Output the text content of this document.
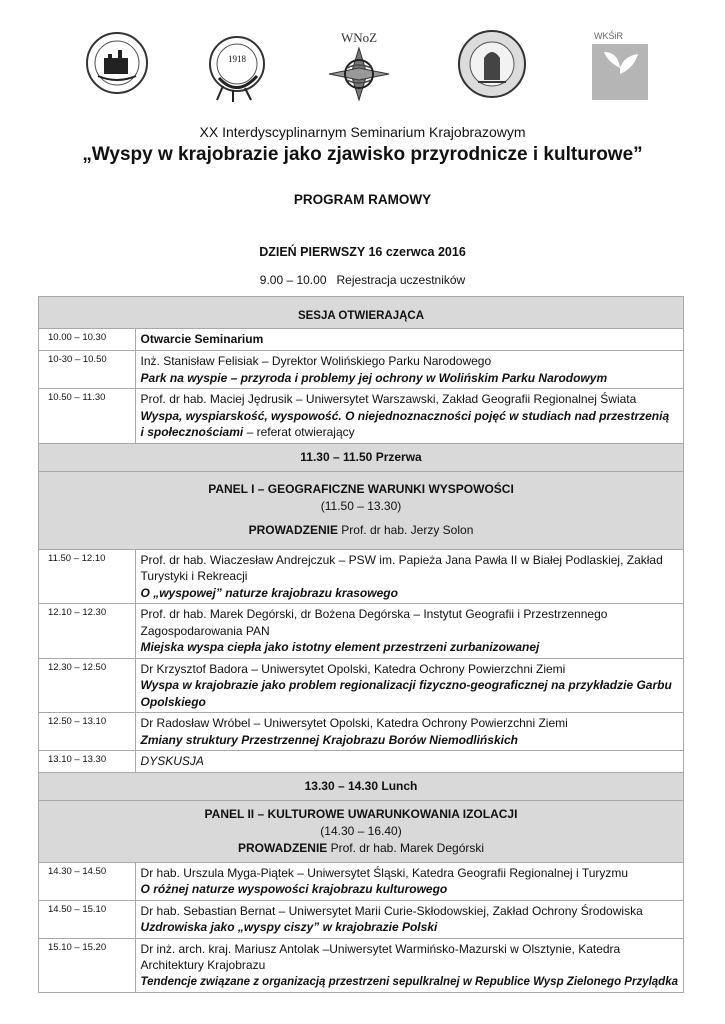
1918
WNoZ	WKŚiR
XX Interdyscyplinarnym Seminarium Krajobrazowym
„Wyspy w krajobrazie jako zjawisko przyrodnicze i kulturowe”
PROGRAM RAMOWY
DZIEŃ PIERWSZY 16 czerwca 2016
9.00 – 10.00 Rejestracja uczestników
SESJA OTWIERAJĄCA	
10.00 – 10.30	Otwarcie Seminarium
10-30 – 10.50	Inż. Stanisław Felisiak – Dyrektor Wolińskiego Parku Narodowego
Park na wyspie – przyroda i problemy jej ochrony w Wolińskim Parku Narodowym

10.50 – 11.30	Prof. dr hab. Maciej Jędrusik – Uniwersytet Warszawski, Zakład Geografii Regionalnej Świata
Wyspa, wyspiarskość, wyspowość. O niejednoznaczności pojęć w studiach nad przestrzenią
i społecznościami – referat otwierający

11.30 – 11.50 Przerwa	

PANEL I – GEOGRAFICZNE WARUNKI WYSPOWOŚCI
(11.50 – 13.30)
PROWADZENIE Prof. dr hab. Jerzy Solon	

11.50 – 12.10	Prof. dr hab. Wiaczesław Andrejczuk – PSW im. Papieża Jana Pawła II w Białej Podlaskiej, Zakład
Turystyki i Rekreacji
O „wyspowej” naturze krajobrazu krasowego

12.10 – 12.30	Prof. dr hab. Marek Degórski, dr Bożena Degórska – Instytut Geografii i Przestrzennego
Zagospodarowania PAN
Miejska wyspa ciepła jako istotny element przestrzeni zurbanizowanej

12.30 – 12.50	Dr Krzysztof Badora – Uniwersytet Opolski, Katedra Ochrony Powierzchni Ziemi
Wyspa w krajobrazie jako problem regionalizacji fizyczno-geograficznej na przykładzie Garbu
Opolskiego

12.50 – 13.10	Dr Radosław Wróbel – Uniwersytet Opolski, Katedra Ochrony Powierzchni Ziemi
Zmiany struktury Przestrzennej Krajobrazu Borów Niemodlińskich

13.10 – 13.30	DYSKUSJA
13.30 – 14.30 Lunch	

PANEL II – KULTUROWE UWARUNKOWANIA IZOLACJI
(14.30 – 16.40)
PROWADZENIE Prof. dr hab. Marek Degórski	

14.30 – 14.50	Dr hab. Urszula Myga-Piątek – Uniwersytet Śląski, Katedra Geografii Regionalnej i Turyzmu
O różnej naturze wyspowości krajobrazu kulturowego

14.50 – 15.10	Dr hab. Sebastian Bernat – Uniwersytet Marii Curie-Skłodowskiej, Zakład Ochrony Środowiska
Uzdrowiska jako „wyspy ciszy” w krajobrazie Polski

15.10 – 15.20	Dr inż. arch. kraj. Mariusz Antolak –Uniwersytet Warmińsko-Mazurski w Olsztynie, Katedra
Architektury Krajobrazu
Tendencje związane z organizacją przestrzeni sepulkralnej w Republice Wysp Zielonego Przylądka
